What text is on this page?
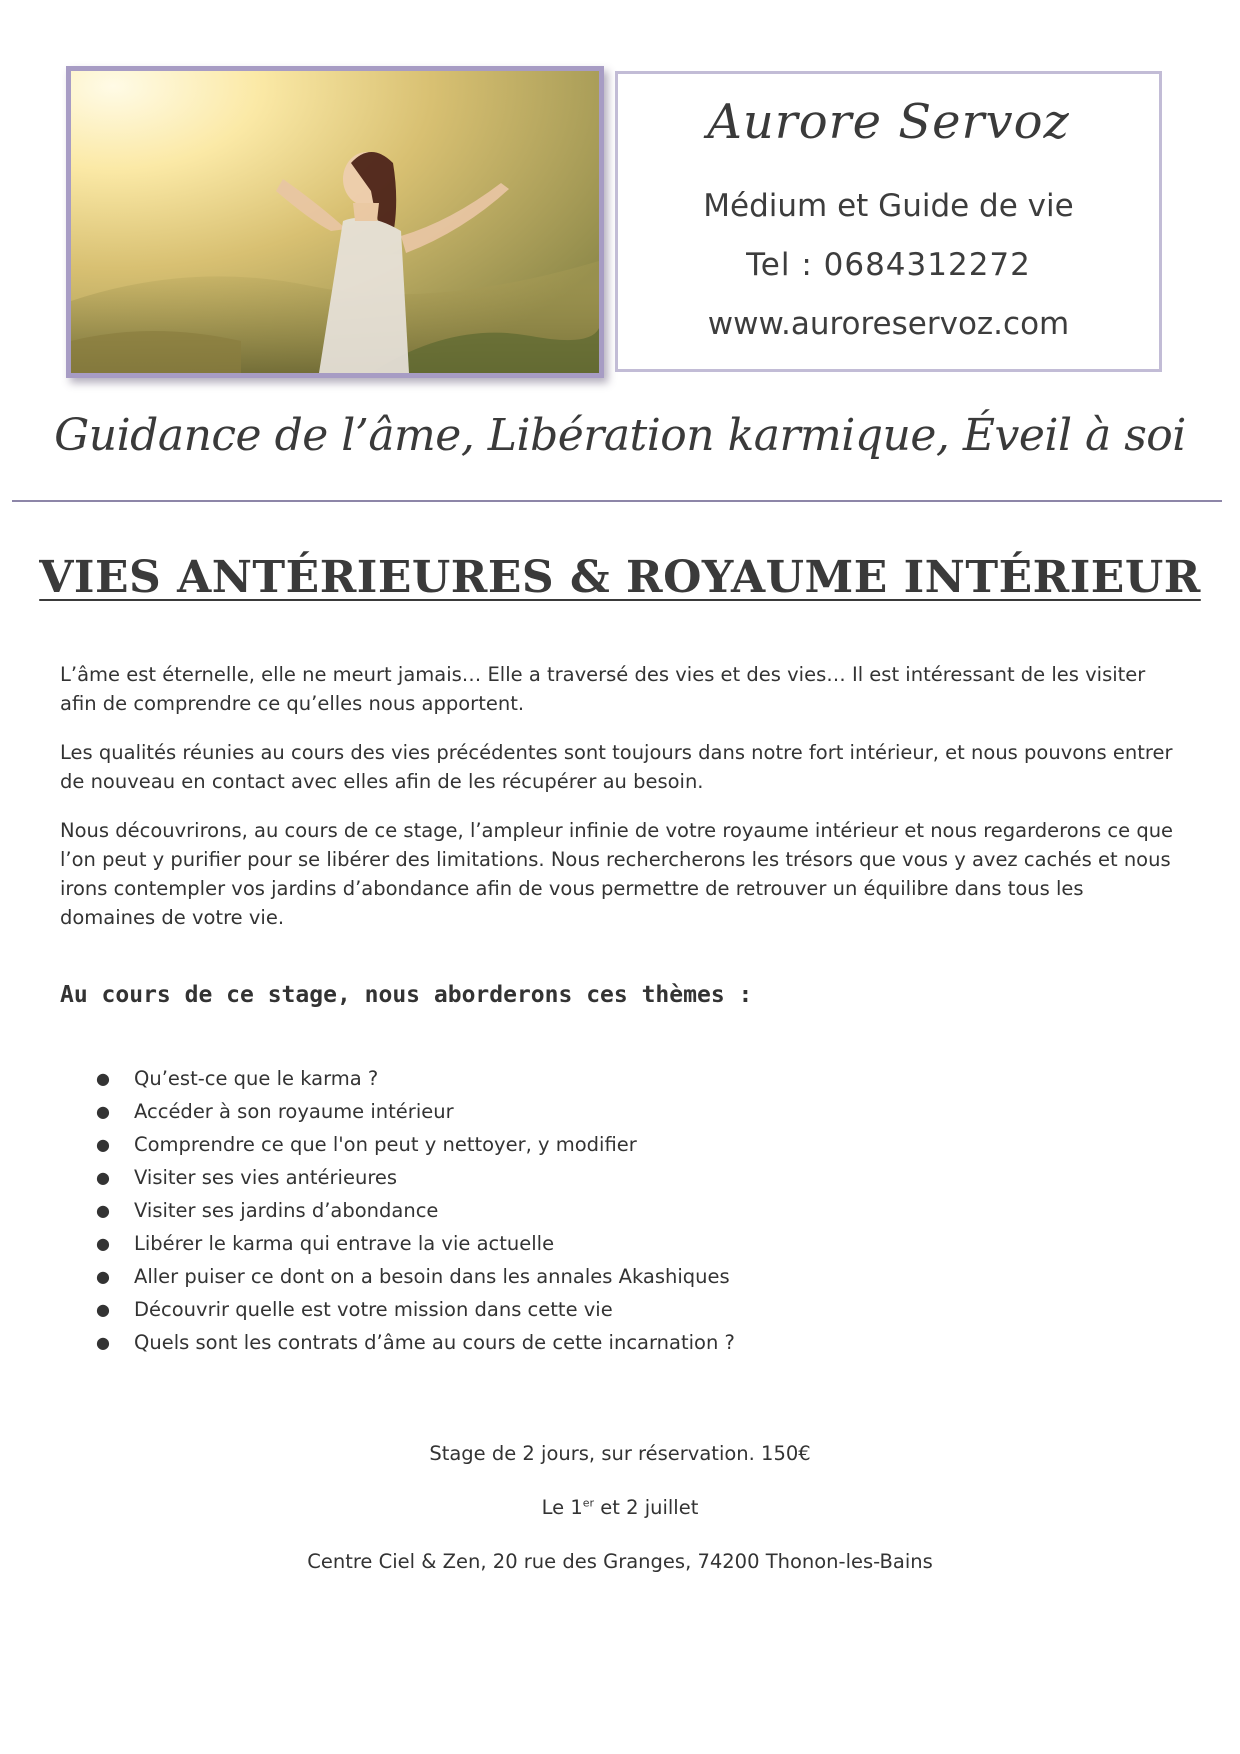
Aurore Servoz
Médium et Guide de vie
Tel : 0684312272
www.auroreservoz.com
Guidance de l’âme, Libération karmique, Éveil à soi
VIES ANTÉRIEURES & ROYAUME INTÉRIEUR

L’âme est éternelle, elle ne meurt jamais… Elle a traversé des vies et des vies… Il est intéressant de les visiter afin de comprendre ce qu’elles nous apportent.

Les qualités réunies au cours des vies précédentes sont toujours dans notre fort intérieur, et nous pouvons entrer de nouveau en contact avec elles afin de les récupérer au besoin.

Nous découvrirons, au cours de ce stage, l’ampleur infinie de votre royaume intérieur et nous regarderons ce que l’on peut y purifier pour se libérer des limitations. Nous rechercherons les trésors que vous y avez cachés et nous irons contempler vos jardins d’abondance afin de vous permettre de retrouver un équilibre dans tous les domaines de votre vie.

Au cours de ce stage, nous aborderons ces thèmes :
● Qu’est-ce que le karma ?
● Accéder à son royaume intérieur
● Comprendre ce que l'on peut y nettoyer, y modifier
● Visiter ses vies antérieures
● Visiter ses jardins d’abondance
● Libérer le karma qui entrave la vie actuelle
● Aller puiser ce dont on a besoin dans les annales Akashiques
● Découvrir quelle est votre mission dans cette vie
● Quels sont les contrats d’âme au cours de cette incarnation ?
Stage de 2 jours, sur réservation. 150€
Le 1er et 2 juillet
Centre Ciel & Zen, 20 rue des Granges, 74200 Thonon-les-Bains
